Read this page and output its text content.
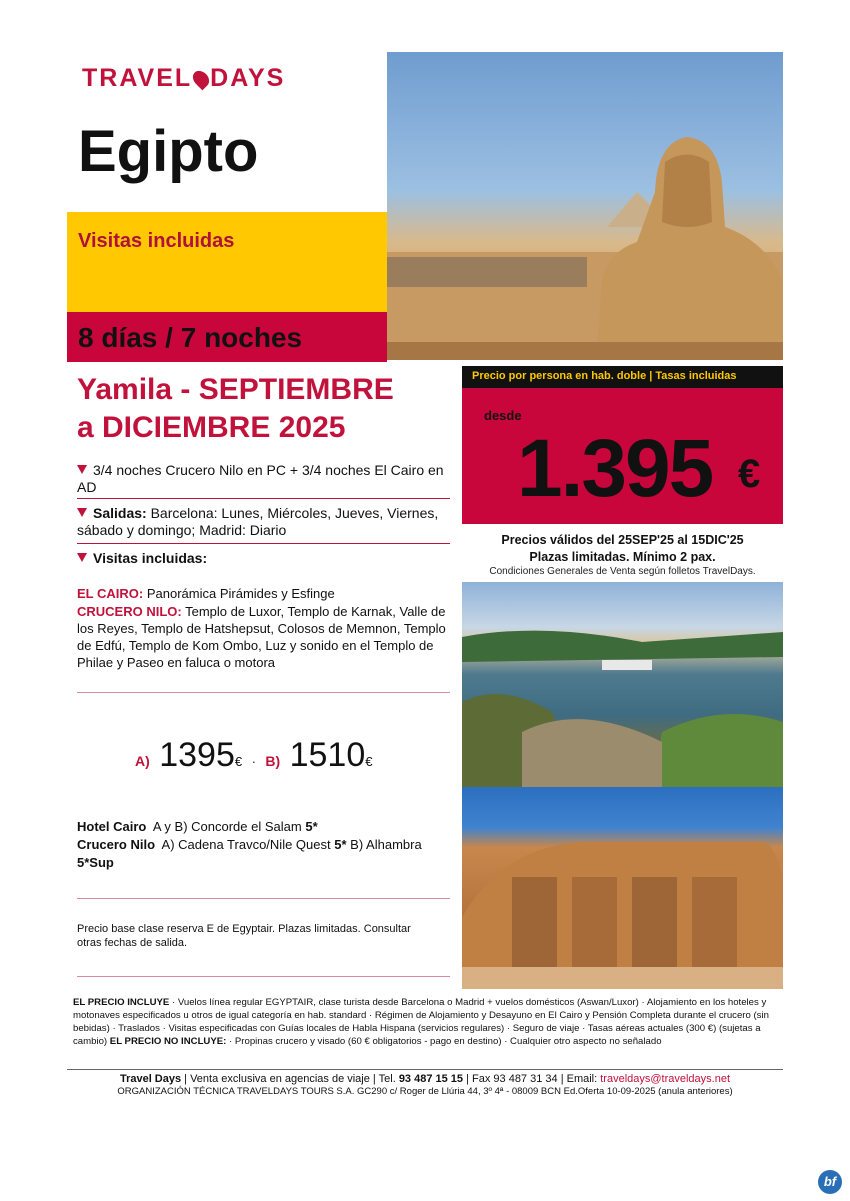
TRAVEL DAYS
Egipto
Visitas incluidas
8 días / 7 noches
Precio por persona en hab. doble | Tasas incluidas
desde
1.395 €
Precios válidos del 25SEP'25 al 15DIC'25
Plazas limitadas. Mínimo 2 pax.
Condiciones Generales de Venta según folletos TravelDays.
Yamila - SEPTIEMBRE
a DICIEMBRE 2025
3/4 noches Crucero Nilo en PC + 3/4 noches El Cairo en AD
Salidas: Barcelona: Lunes, Miércoles, Jueves, Viernes, sábado y domingo; Madrid: Diario
Visitas incluidas:
EL CAIRO: Panorámica Pirámides y Esfinge
CRUCERO NILO: Templo de Luxor, Templo de Karnak, Valle de los Reyes, Templo de Hatshepsut, Colosos de Memnon, Templo de Edfú, Templo de Kom Ombo, Luz y sonido en el Templo de Philae y Paseo en faluca o motora
A) 1395€ · B) 1510€
Hotel Cairo A y B) Concorde el Salam 5*
Crucero Nilo A) Cadena Travco/Nile Quest 5* B) Alhambra 5*Sup
Precio base clase reserva E de Egyptair. Plazas limitadas. Consultar otras fechas de salida.
EL PRECIO INCLUYE · Vuelos línea regular EGYPTAIR, clase turista desde Barcelona o Madrid + vuelos domésticos (Aswan/Luxor) · Alojamiento en los hoteles y motonaves especificados u otros de igual categoría en hab. standard · Régimen de Alojamiento y Desayuno en El Cairo y Pensión Completa durante el crucero (sin bebidas) · Traslados · Visitas especificadas con Guías locales de Habla Hispana (servicios regulares) · Seguro de viaje · Tasas aéreas actuales (300 €) (sujetas a cambio) EL PRECIO NO INCLUYE: · Propinas crucero y visado (60 € obligatorios - pago en destino) · Cualquier otro aspecto no señalado
Travel Days | Venta exclusiva en agencias de viaje | Tel. 93 487 15 15 | Fax 93 487 31 34 | Email: traveldays@traveldays.net
ORGANIZACIÓN TÉCNICA TRAVELDAYS TOURS S.A. GC290 c/ Roger de Llúria 44, 3º 4ª - 08009 BCN Ed.Oferta 10-09-2025 (anula anteriores)
bf
